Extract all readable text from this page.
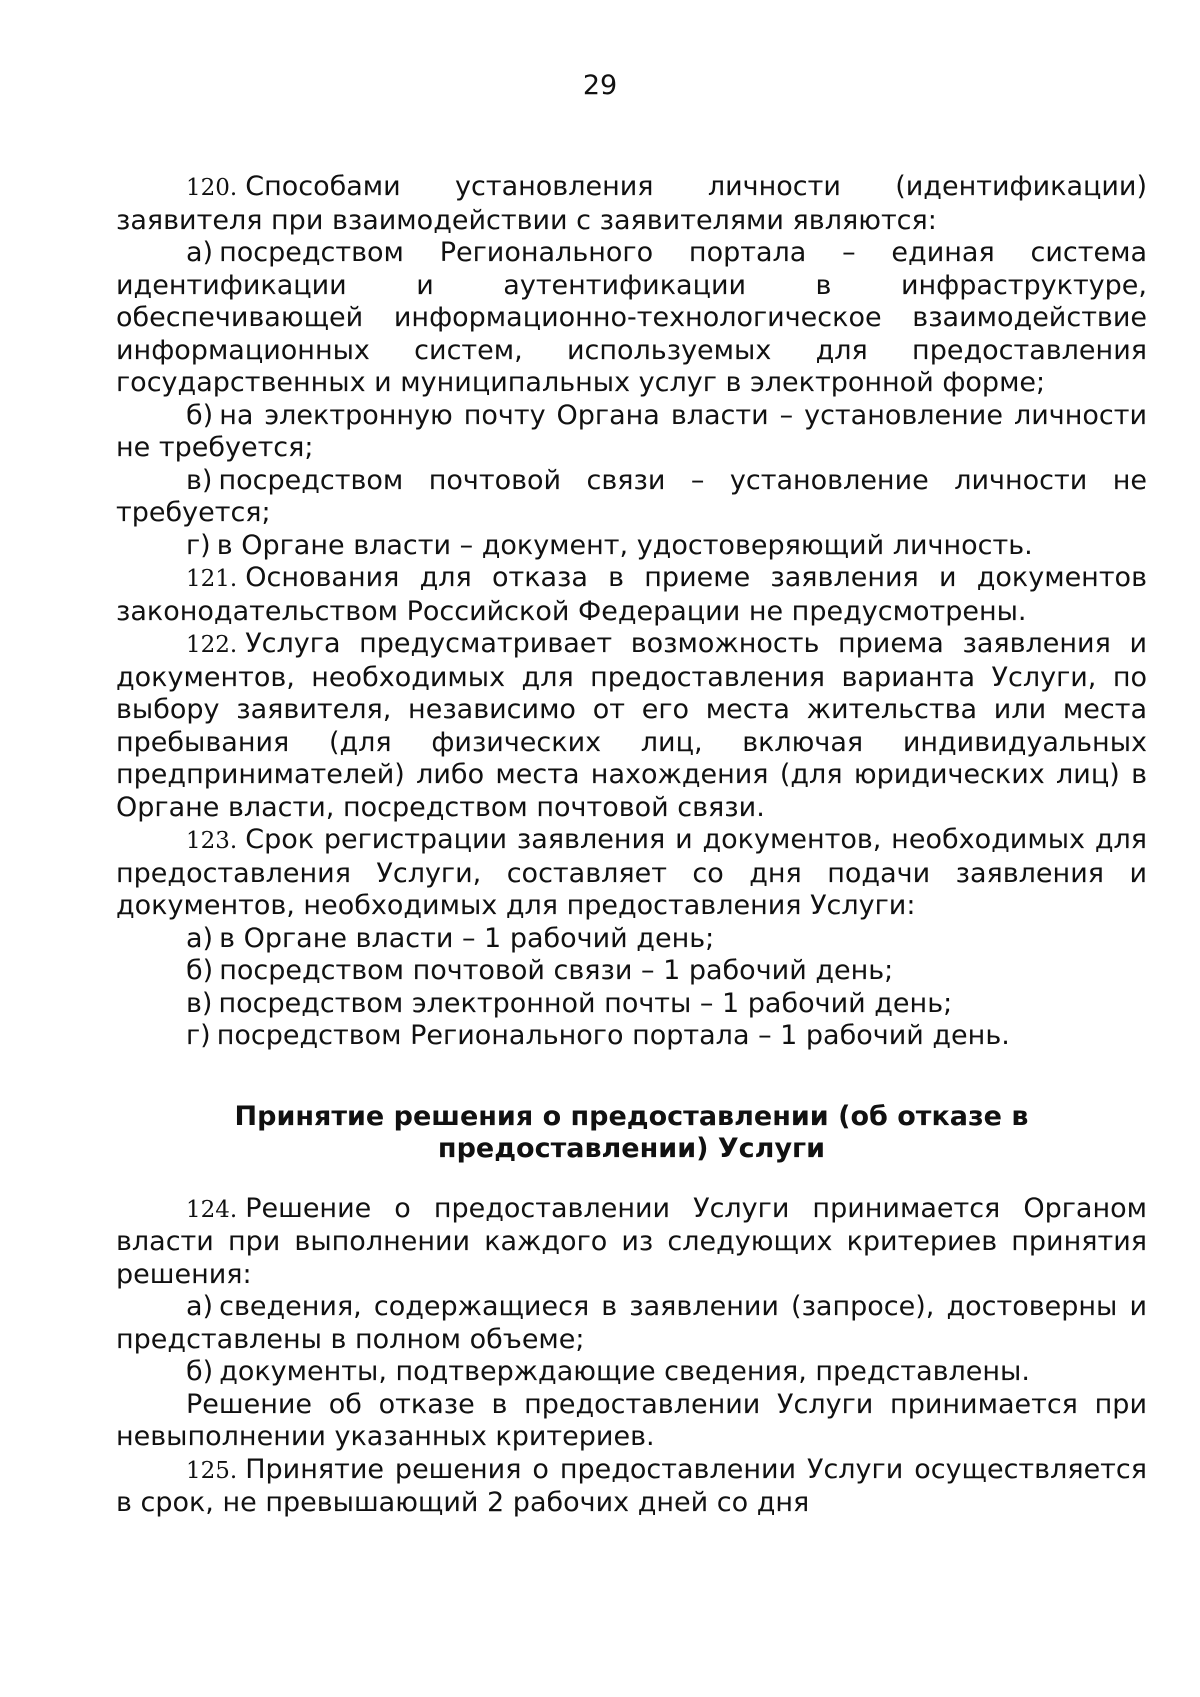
29

120. Способами установления личности (идентификации) заявителя при взаимодействии с заявителями являются:

а) посредством Регионального портала – единая система идентификации и аутентификации в инфраструктуре, обеспечивающей информационно-технологическое взаимодействие информационных систем, используемых для предоставления государственных и муниципальных услуг в электронной форме;

б) на электронную почту Органа власти – установление личности не требуется;

в) посредством почтовой связи – установление личности не требуется;

г) в Органе власти – документ, удостоверяющий личность.

121. Основания для отказа в приеме заявления и документов законодательством Российской Федерации не предусмотрены.

122. Услуга предусматривает возможность приема заявления и документов, необходимых для предоставления варианта Услуги, по выбору заявителя, независимо от его места жительства или места пребывания (для физических лиц, включая индивидуальных предпринимателей) либо места нахождения (для юридических лиц) в Органе власти, посредством почтовой связи.

123. Срок регистрации заявления и документов, необходимых для предоставления Услуги, составляет со дня подачи заявления и документов, необходимых для предоставления Услуги:

а) в Органе власти – 1 рабочий день;

б) посредством почтовой связи – 1 рабочий день;

в) посредством электронной почты – 1 рабочий день;

г) посредством Регионального портала – 1 рабочий день.

Принятие решения о предоставлении (об отказе в предоставлении) Услуги

124. Решение о предоставлении Услуги принимается Органом власти при выполнении каждого из следующих критериев принятия решения:

а) сведения, содержащиеся в заявлении (запросе), достоверны и представлены в полном объеме;

б) документы, подтверждающие сведения, представлены.

Решение об отказе в предоставлении Услуги принимается при невыполнении указанных критериев.

125. Принятие решения о предоставлении Услуги осуществляется в срок, не превышающий 2 рабочих дней со дня
